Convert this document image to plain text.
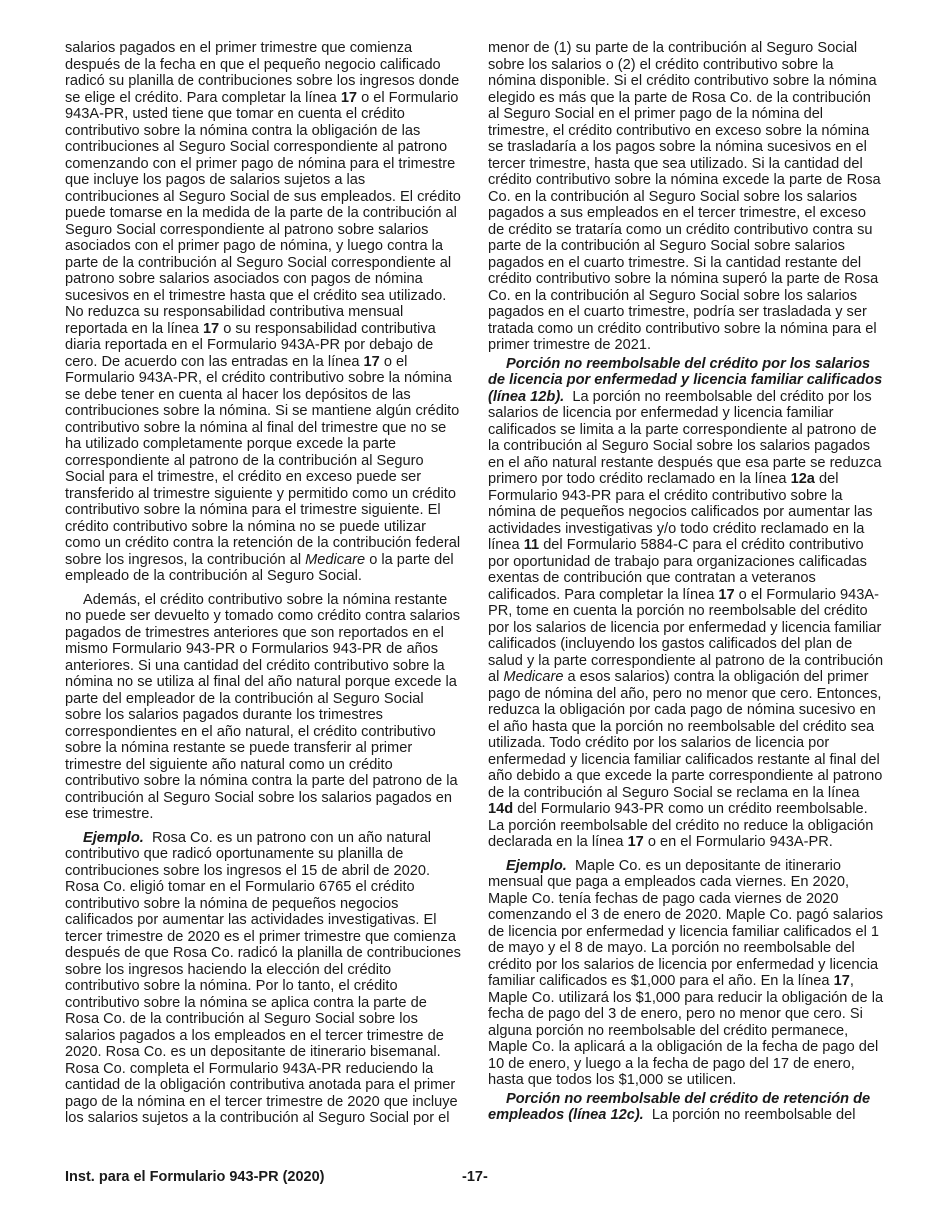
salarios pagados en el primer trimestre que comienza después de la fecha en que el pequeño negocio calificado radicó su planilla de contribuciones sobre los ingresos donde se elige el crédito. Para completar la línea 17 o el Formulario 943A-PR, usted tiene que tomar en cuenta el crédito contributivo sobre la nómina contra la obligación de las contribuciones al Seguro Social correspondiente al patrono comenzando con el primer pago de nómina para el trimestre que incluye los pagos de salarios sujetos a las contribuciones al Seguro Social de sus empleados. El crédito puede tomarse en la medida de la parte de la contribución al Seguro Social correspondiente al patrono sobre salarios asociados con el primer pago de nómina, y luego contra la parte de la contribución al Seguro Social correspondiente al patrono sobre salarios asociados con pagos de nómina sucesivos en el trimestre hasta que el crédito sea utilizado. No reduzca su responsabilidad contributiva mensual reportada en la línea 17 o su responsabilidad contributiva diaria reportada en el Formulario 943A-PR por debajo de cero. De acuerdo con las entradas en la línea 17 o el Formulario 943A-PR, el crédito contributivo sobre la nómina se debe tener en cuenta al hacer los depósitos de las contribuciones sobre la nómina. Si se mantiene algún crédito contributivo sobre la nómina al final del trimestre que no se ha utilizado completamente porque excede la parte correspondiente al patrono de la contribución al Seguro Social para el trimestre, el crédito en exceso puede ser transferido al trimestre siguiente y permitido como un crédito contributivo sobre la nómina para el trimestre siguiente. El crédito contributivo sobre la nómina no se puede utilizar como un crédito contra la retención de la contribución federal sobre los ingresos, la contribución al Medicare o la parte del empleado de la contribución al Seguro Social.

Además, el crédito contributivo sobre la nómina restante no puede ser devuelto y tomado como crédito contra salarios pagados de trimestres anteriores que son reportados en el mismo Formulario 943-PR o Formularios 943-PR de años anteriores. Si una cantidad del crédito contributivo sobre la nómina no se utiliza al final del año natural porque excede la parte del empleador de la contribución al Seguro Social sobre los salarios pagados durante los trimestres correspondientes en el año natural, el crédito contributivo sobre la nómina restante se puede transferir al primer trimestre del siguiente año natural como un crédito contributivo sobre la nómina contra la parte del patrono de la contribución al Seguro Social sobre los salarios pagados en ese trimestre.

Ejemplo. Rosa Co. es un patrono con un año natural contributivo que radicó oportunamente su planilla de contribuciones sobre los ingresos el 15 de abril de 2020. Rosa Co. eligió tomar en el Formulario 6765 el crédito contributivo sobre la nómina de pequeños negocios calificados por aumentar las actividades investigativas. El tercer trimestre de 2020 es el primer trimestre que comienza después de que Rosa Co. radicó la planilla de contribuciones sobre los ingresos haciendo la elección del crédito contributivo sobre la nómina. Por lo tanto, el crédito contributivo sobre la nómina se aplica contra la parte de Rosa Co. de la contribución al Seguro Social sobre los salarios pagados a los empleados en el tercer trimestre de 2020. Rosa Co. es un depositante de itinerario bisemanal. Rosa Co. completa el Formulario 943A-PR reduciendo la cantidad de la obligación contributiva anotada para el primer pago de la nómina en el tercer trimestre de 2020 que incluye los salarios sujetos a la contribución al Seguro Social por el

menor de (1) su parte de la contribución al Seguro Social sobre los salarios o (2) el crédito contributivo sobre la nómina disponible. Si el crédito contributivo sobre la nómina elegido es más que la parte de Rosa Co. de la contribución al Seguro Social en el primer pago de la nómina del trimestre, el crédito contributivo en exceso sobre la nómina se trasladaría a los pagos sobre la nómina sucesivos en el tercer trimestre, hasta que sea utilizado. Si la cantidad del crédito contributivo sobre la nómina excede la parte de Rosa Co. en la contribución al Seguro Social sobre los salarios pagados a sus empleados en el tercer trimestre, el exceso de crédito se trataría como un crédito contributivo contra su parte de la contribución al Seguro Social sobre salarios pagados en el cuarto trimestre. Si la cantidad restante del crédito contributivo sobre la nómina superó la parte de Rosa Co. en la contribución al Seguro Social sobre los salarios pagados en el cuarto trimestre, podría ser trasladada y ser tratada como un crédito contributivo sobre la nómina para el primer trimestre de 2021.

Porción no reembolsable del crédito por los salarios de licencia por enfermedad y licencia familiar calificados (línea 12b). La porción no reembolsable del crédito por los salarios de licencia por enfermedad y licencia familiar calificados se limita a la parte correspondiente al patrono de la contribución al Seguro Social sobre los salarios pagados en el año natural restante después que esa parte se reduzca primero por todo crédito reclamado en la línea 12a del Formulario 943-PR para el crédito contributivo sobre la nómina de pequeños negocios calificados por aumentar las actividades investigativas y/o todo crédito reclamado en la línea 11 del Formulario 5884-C para el crédito contributivo por oportunidad de trabajo para organizaciones calificadas exentas de contribución que contratan a veteranos calificados. Para completar la línea 17 o el Formulario 943A-PR, tome en cuenta la porción no reembolsable del crédito por los salarios de licencia por enfermedad y licencia familiar calificados (incluyendo los gastos calificados del plan de salud y la parte correspondiente al patrono de la contribución al Medicare a esos salarios) contra la obligación del primer pago de nómina del año, pero no menor que cero. Entonces, reduzca la obligación por cada pago de nómina sucesivo en el año hasta que la porción no reembolsable del crédito sea utilizada. Todo crédito por los salarios de licencia por enfermedad y licencia familiar calificados restante al final del año debido a que excede la parte correspondiente al patrono de la contribución al Seguro Social se reclama en la línea 14d del Formulario 943-PR como un crédito reembolsable. La porción reembolsable del crédito no reduce la obligación declarada en la línea 17 o en el Formulario 943A-PR.

Ejemplo. Maple Co. es un depositante de itinerario mensual que paga a empleados cada viernes. En 2020, Maple Co. tenía fechas de pago cada viernes de 2020 comenzando el 3 de enero de 2020. Maple Co. pagó salarios de licencia por enfermedad y licencia familiar calificados el 1 de mayo y el 8 de mayo. La porción no reembolsable del crédito por los salarios de licencia por enfermedad y licencia familiar calificados es $1,000 para el año. En la línea 17, Maple Co. utilizará los $1,000 para reducir la obligación de la fecha de pago del 3 de enero, pero no menor que cero. Si alguna porción no reembolsable del crédito permanece, Maple Co. la aplicará a la obligación de la fecha de pago del 10 de enero, y luego a la fecha de pago del 17 de enero, hasta que todos los $1,000 se utilicen.

Porción no reembolsable del crédito de retención de empleados (línea 12c). La porción no reembolsable del

Inst. para el Formulario 943-PR (2020)	-17-
